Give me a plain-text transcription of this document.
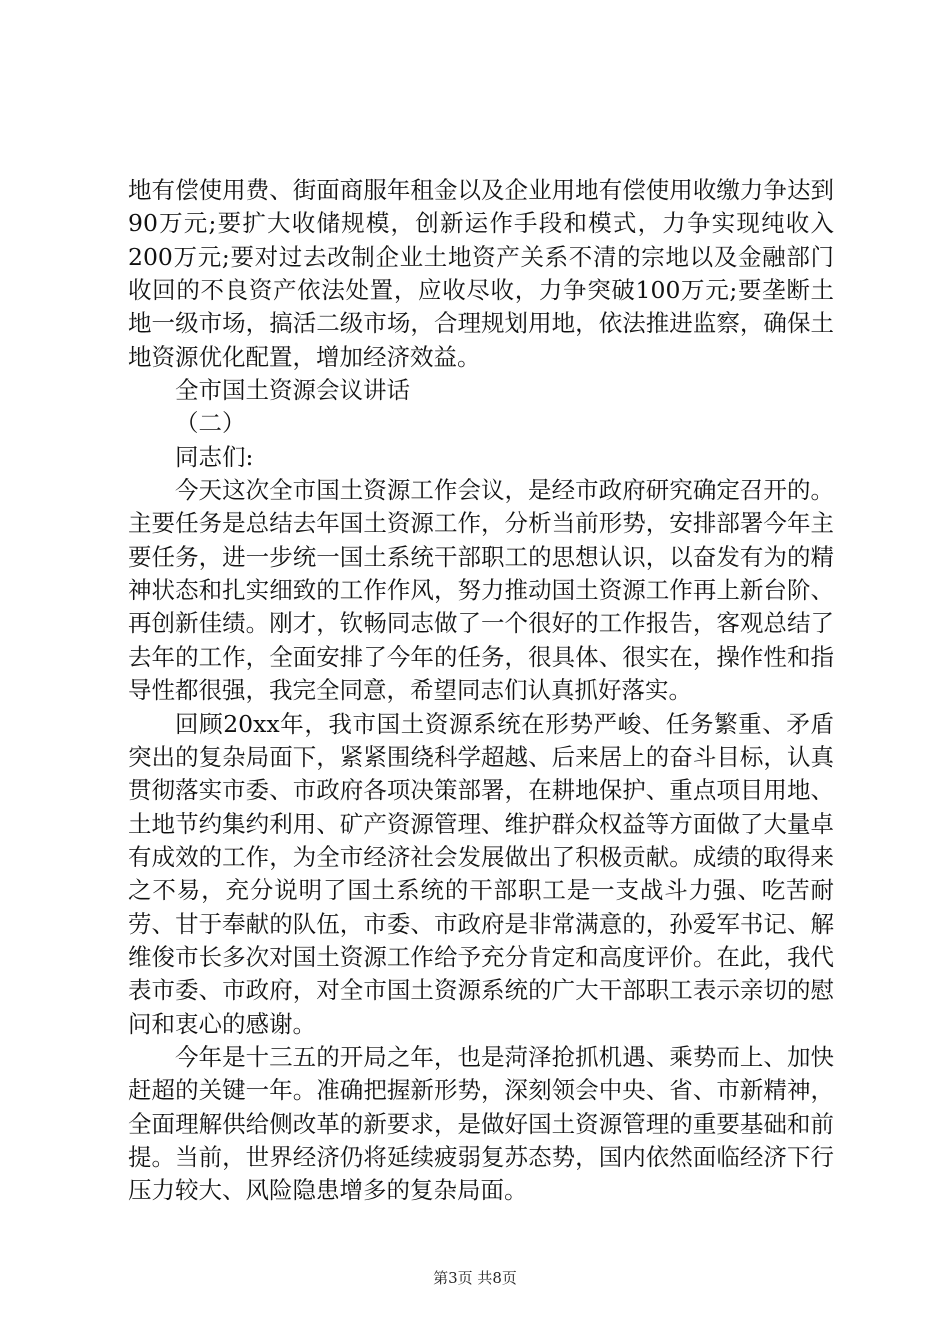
地有偿使用费、街面商服年租金以及企业用地有偿使用收缴力争达到90万元;要扩大收储规模，创新运作手段和模式，力争实现纯收入200万元;要对过去改制企业土地资产关系不清的宗地以及金融部门收回的不良资产依法处置，应收尽收，力争突破100万元;要垄断土地一级市场，搞活二级市场，合理规划用地，依法推进监察，确保土地资源优化配置，增加经济效益。

全市国土资源会议讲话

（二）

同志们:

今天这次全市国土资源工作会议，是经市政府研究确定召开的。主要任务是总结去年国土资源工作，分析当前形势，安排部署今年主要任务，进一步统一国土系统干部职工的思想认识，以奋发有为的精神状态和扎实细致的工作作风，努力推动国土资源工作再上新台阶、再创新佳绩。刚才，钦畅同志做了一个很好的工作报告，客观总结了去年的工作，全面安排了今年的任务，很具体、很实在，操作性和指导性都很强，我完全同意，希望同志们认真抓好落实。

回顾20xx年，我市国土资源系统在形势严峻、任务繁重、矛盾突出的复杂局面下，紧紧围绕科学超越、后来居上的奋斗目标，认真贯彻落实市委、市政府各项决策部署，在耕地保护、重点项目用地、土地节约集约利用、矿产资源管理、维护群众权益等方面做了大量卓有成效的工作，为全市经济社会发展做出了积极贡献。成绩的取得来之不易，充分说明了国土系统的干部职工是一支战斗力强、吃苦耐劳、甘于奉献的队伍，市委、市政府是非常满意的，孙爱军书记、解维俊市长多次对国土资源工作给予充分肯定和高度评价。在此，我代表市委、市政府，对全市国土资源系统的广大干部职工表示亲切的慰问和衷心的感谢。

今年是十三五的开局之年，也是菏泽抢抓机遇、乘势而上、加快赶超的关键一年。准确把握新形势，深刻领会中央、省、市新精神，全面理解供给侧改革的新要求，是做好国土资源管理的重要基础和前提。当前，世界经济仍将延续疲弱复苏态势，国内依然面临经济下行压力较大、风险隐患增多的复杂局面。

第3页 共8页
